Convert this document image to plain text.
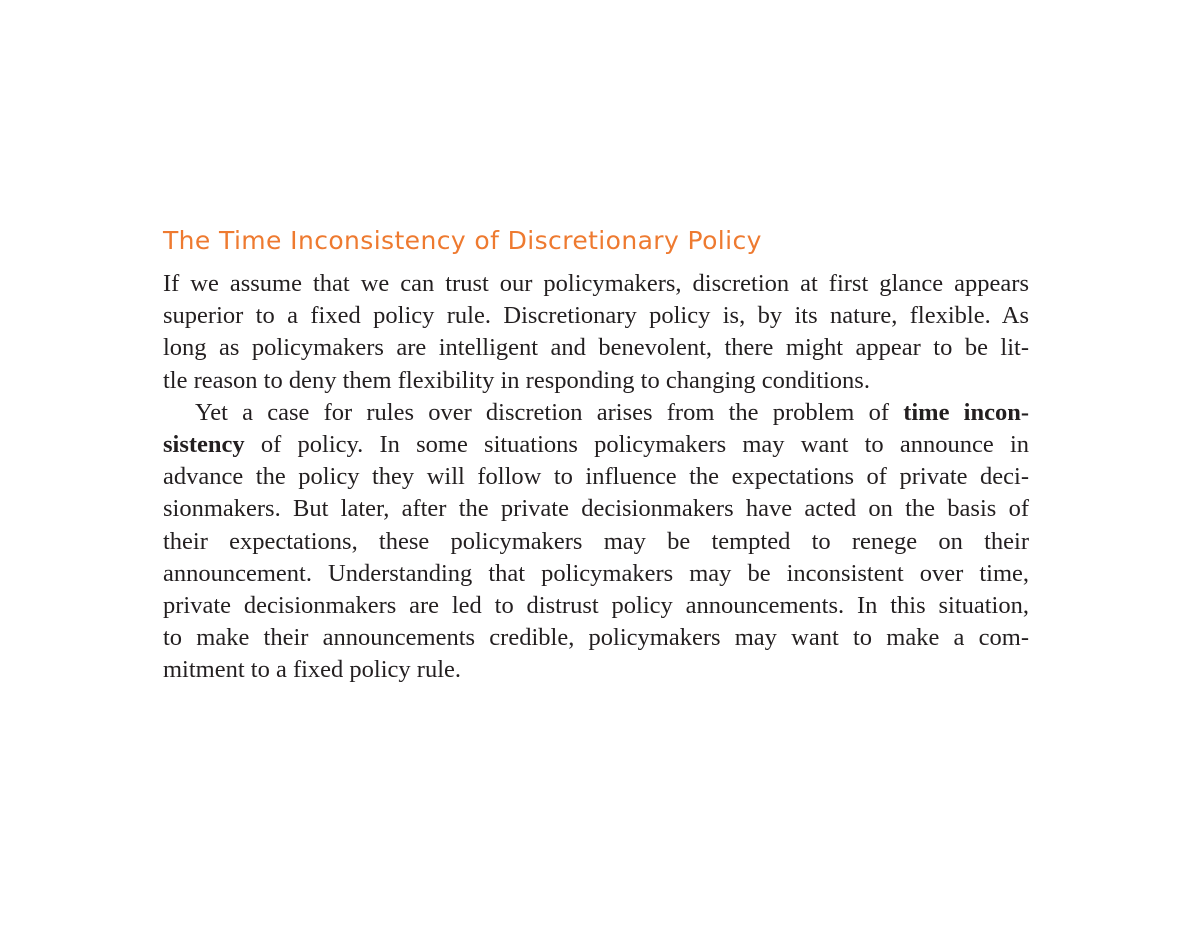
The Time Inconsistency of Discretionary Policy
If we assume that we can trust our policymakers, discretion at first glance appears
superior to a fixed policy rule. Discretionary policy is, by its nature, flexible. As
long as policymakers are intelligent and benevolent, there might appear to be lit-
tle reason to deny them flexibility in responding to changing conditions.
Yet a case for rules over discretion arises from the problem of time incon-
sistency of policy. In some situations policymakers may want to announce in
advance the policy they will follow to influence the expectations of private deci-
sionmakers. But later, after the private decisionmakers have acted on the basis of
their expectations, these policymakers may be tempted to renege on their
announcement. Understanding that policymakers may be inconsistent over time,
private decisionmakers are led to distrust policy announcements. In this situation,
to make their announcements credible, policymakers may want to make a com-
mitment to a fixed policy rule.
